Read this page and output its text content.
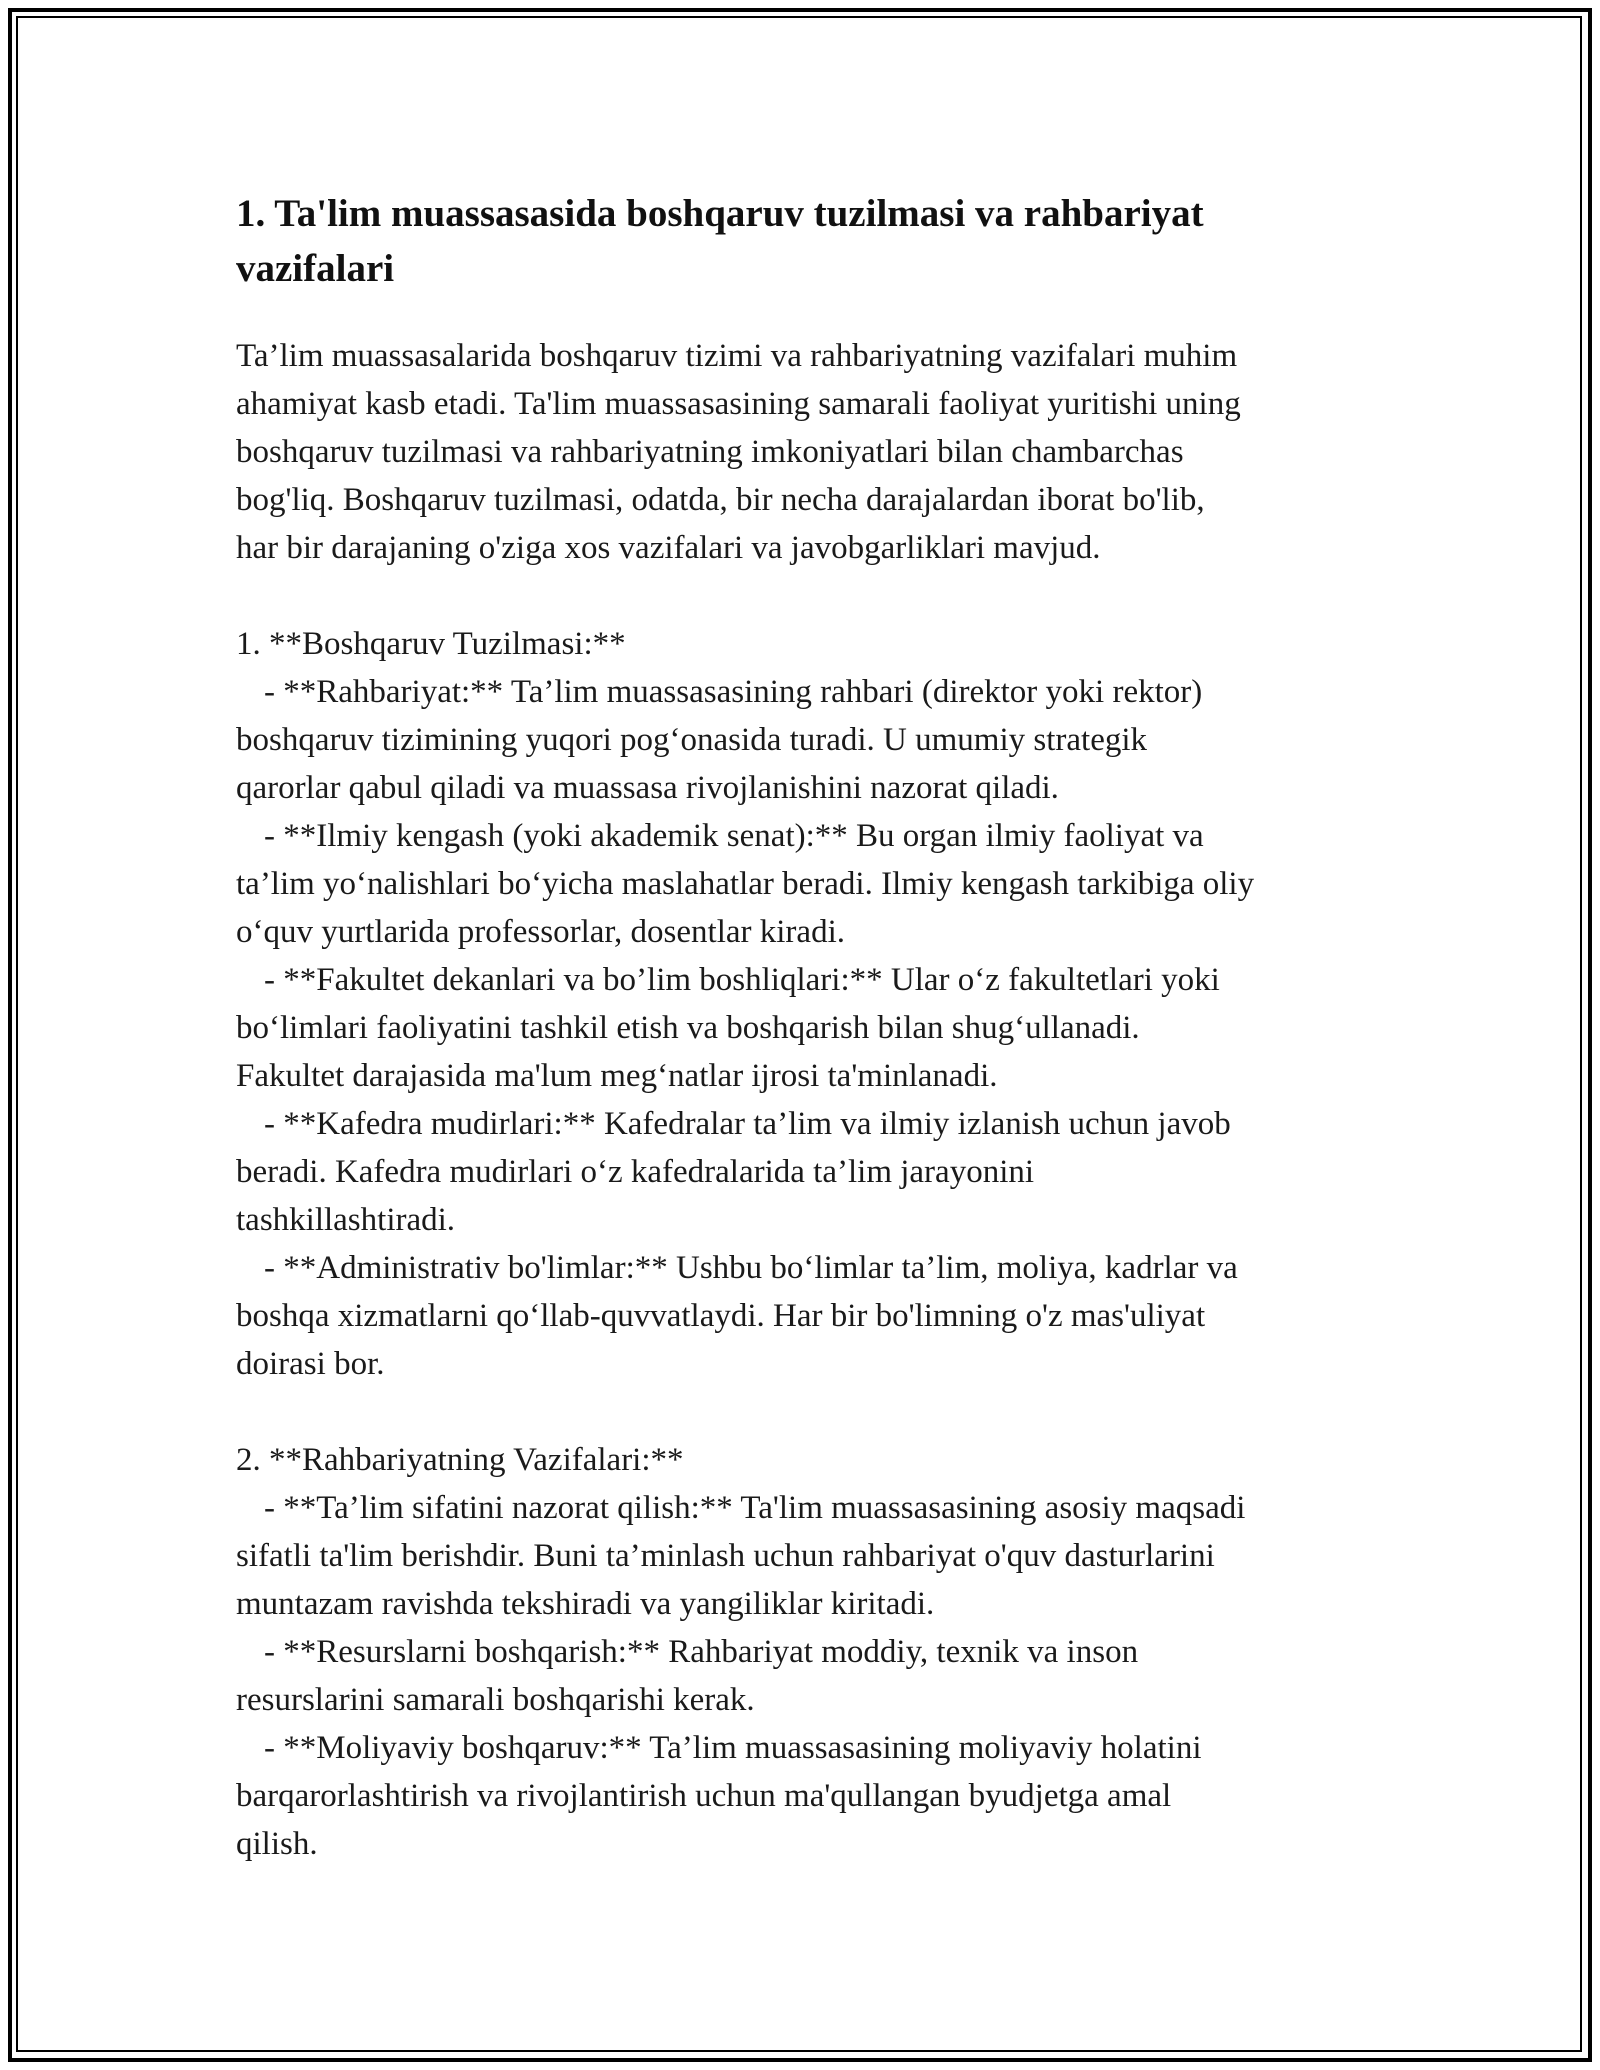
1. Ta'lim muassasasida boshqaruv tuzilmasi va rahbariyat
vazifalari

Ta’lim muassasalarida boshqaruv tizimi va rahbariyatning vazifalari muhim
ahamiyat kasb etadi. Ta'lim muassasasining samarali faoliyat yuritishi uning
boshqaruv tuzilmasi va rahbariyatning imkoniyatlari bilan chambarchas
bog'liq. Boshqaruv tuzilmasi, odatda, bir necha darajalardan iborat bo'lib,
har bir darajaning o'ziga xos vazifalari va javobgarliklari mavjud.

1. **Boshqaruv Tuzilmasi:**
- **Rahbariyat:** Ta’lim muassasasining rahbari (direktor yoki rektor)
boshqaruv tizimining yuqori pog‘onasida turadi. U umumiy strategik
qarorlar qabul qiladi va muassasa rivojlanishini nazorat qiladi.
- **Ilmiy kengash (yoki akademik senat):** Bu organ ilmiy faoliyat va
ta’lim yo‘nalishlari bo‘yicha maslahatlar beradi. Ilmiy kengash tarkibiga oliy
o‘quv yurtlarida professorlar, dosentlar kiradi.
- **Fakultet dekanlari va bo’lim boshliqlari:** Ular o‘z fakultetlari yoki
bo‘limlari faoliyatini tashkil etish va boshqarish bilan shug‘ullanadi.
Fakultet darajasida ma'lum meg‘natlar ijrosi ta'minlanadi.
- **Kafedra mudirlari:** Kafedralar ta’lim va ilmiy izlanish uchun javob
beradi. Kafedra mudirlari o‘z kafedralarida ta’lim jarayonini
tashkillashtiradi.
- **Administrativ bo'limlar:** Ushbu bo‘limlar ta’lim, moliya, kadrlar va
boshqa xizmatlarni qo‘llab-quvvatlaydi. Har bir bo'limning o'z mas'uliyat
doirasi bor.
2. **Rahbariyatning Vazifalari:**
- **Ta’lim sifatini nazorat qilish:** Ta'lim muassasasining asosiy maqsadi
sifatli ta'lim berishdir. Buni ta’minlash uchun rahbariyat o'quv dasturlarini
muntazam ravishda tekshiradi va yangiliklar kiritadi.
- **Resurslarni boshqarish:** Rahbariyat moddiy, texnik va inson
resurslarini samarali boshqarishi kerak.
- **Moliyaviy boshqaruv:** Ta’lim muassasasining moliyaviy holatini
barqarorlashtirish va rivojlantirish uchun ma'qullangan byudjetga amal
qilish.
